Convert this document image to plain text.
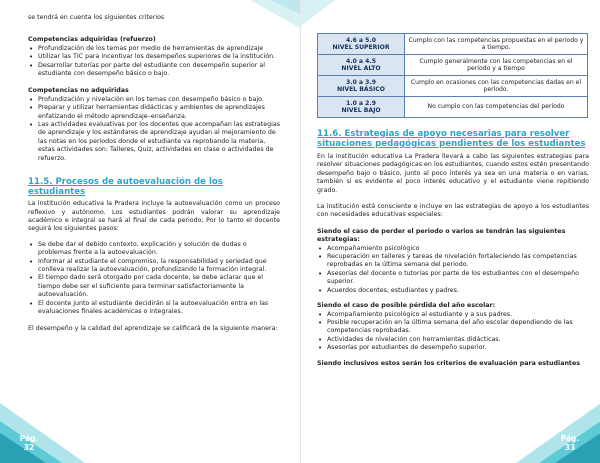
se tendrá en cuenta los siguientes criterios
Competencias adquiridas (refuerzo)
• Profundización de los temas por medio de herramientas de aprendizaje
• Utilizar las TIC para incentivar los desempeños superiores de la institución.
• Desarrollar tutorías por parte del estudiante con desempeño superior al estudiante con desempeño básico o bajo.
Competencias no adquiridas
• Profundización y nivelación en los temas con desempeño básico o bajo.
• Preparar y utilizar herramientas didácticas y ambientes de aprendizajes enfatizando el método aprendizaje–enseñanza.
• Las actividades evaluativas por los docentes que acompañan las estrategias de aprendizaje y los estándares de aprendizaje ayudan al mejoramiento de las notas en los periodos donde el estudiante va reprobando la materia, estas actividades son: Talleres, Quiz, actividades en clase o actividades de refuerzo.
11.5. Procesos de autoevaluación de los estudiantes
La institución educativa la Pradera incluye la autoevaluación como un proceso reflexivo y autónomo. Los estudiantes podrán valorar su aprendizaje académico e integral se hará al final de cada periodo; Por lo tanto el docente seguirá los siguientes pasos:
• Se debe dar el debido contexto, explicación y solución de dudas o problemas frente a la autoevaluación.
• Informar al estudiante el compromiso, la responsabilidad y seriedad que conlleva realizar la autoevaluación, profundizando la formación integral.
• El tiempo dado será otorgado por cada docente, se debe aclarar que el tiempo debe ser el suficiente para terminar satisfactoriamente la autoevaluación.
• El docente junto al estudiante decidirán si la autoevaluación entra en las evaluaciones finales académicas o integrales.
El desempeño y la calidad del aprendizaje se calificará de la siguiente manera:
Pág.
32
4.6 a 5.0
NIVEL SUPERIOR	Cumplo con las competencias propuestas en el período y a tiempo.

4.0 a 4.5
NIVEL ALTO	Cumplo generalmente con las competencias en el período y a tiempo

3.0 a 3.9
NIVEL BÁSICO	Cumplo en ocasiones con las competencias dadas en el período.

1.0 a 2.9
NIVEL BAJO	No cumplo con las competencias del período
11.6. Estrategias de apoyo necesarias para resolver situaciones pedagógicas pendientes de los estudiantes
En la institución educativa La Pradera llevará a cabo las siguientes estrategias para resolver situaciones pedagógicas en los estudiantes, cuando estos estén presentando desempeño bajo o básico, junto al poco interés ya sea en una materia o en varias, también si es evidente el poco interés educativo y el estudiante viene repitiendo grado.
La institución está consciente e incluye en las estrategias de apoyo a los estudiantes con necesidades educativas especiales:
Siendo el caso de perder el periodo o varios se tendrán las siguientes estrategias:
• Acompañamiento psicológico
• Recuperación en talleres y tareas de nivelación fortaleciendo las competencias reprobadas en la última semana del periodo.
• Asesorías del docente o tutorías por parte de los estudiantes con el desempeño superior.
• Acuerdos docentes, estudiantes y padres.
Siendo el caso de posible pérdida del año escolar:
• Acompañamiento psicológico al estudiante y a sus padres.
• Posible recuperación en la última semana del año escolar dependiendo de las competencias reprobadas.
• Actividades de nivelación con herramientas didácticas.
• Asesorías por estudiantes de desempeño superior.
Siendo inclusivos estos serán los criterios de evaluación para estudiantes
Pág.
33
